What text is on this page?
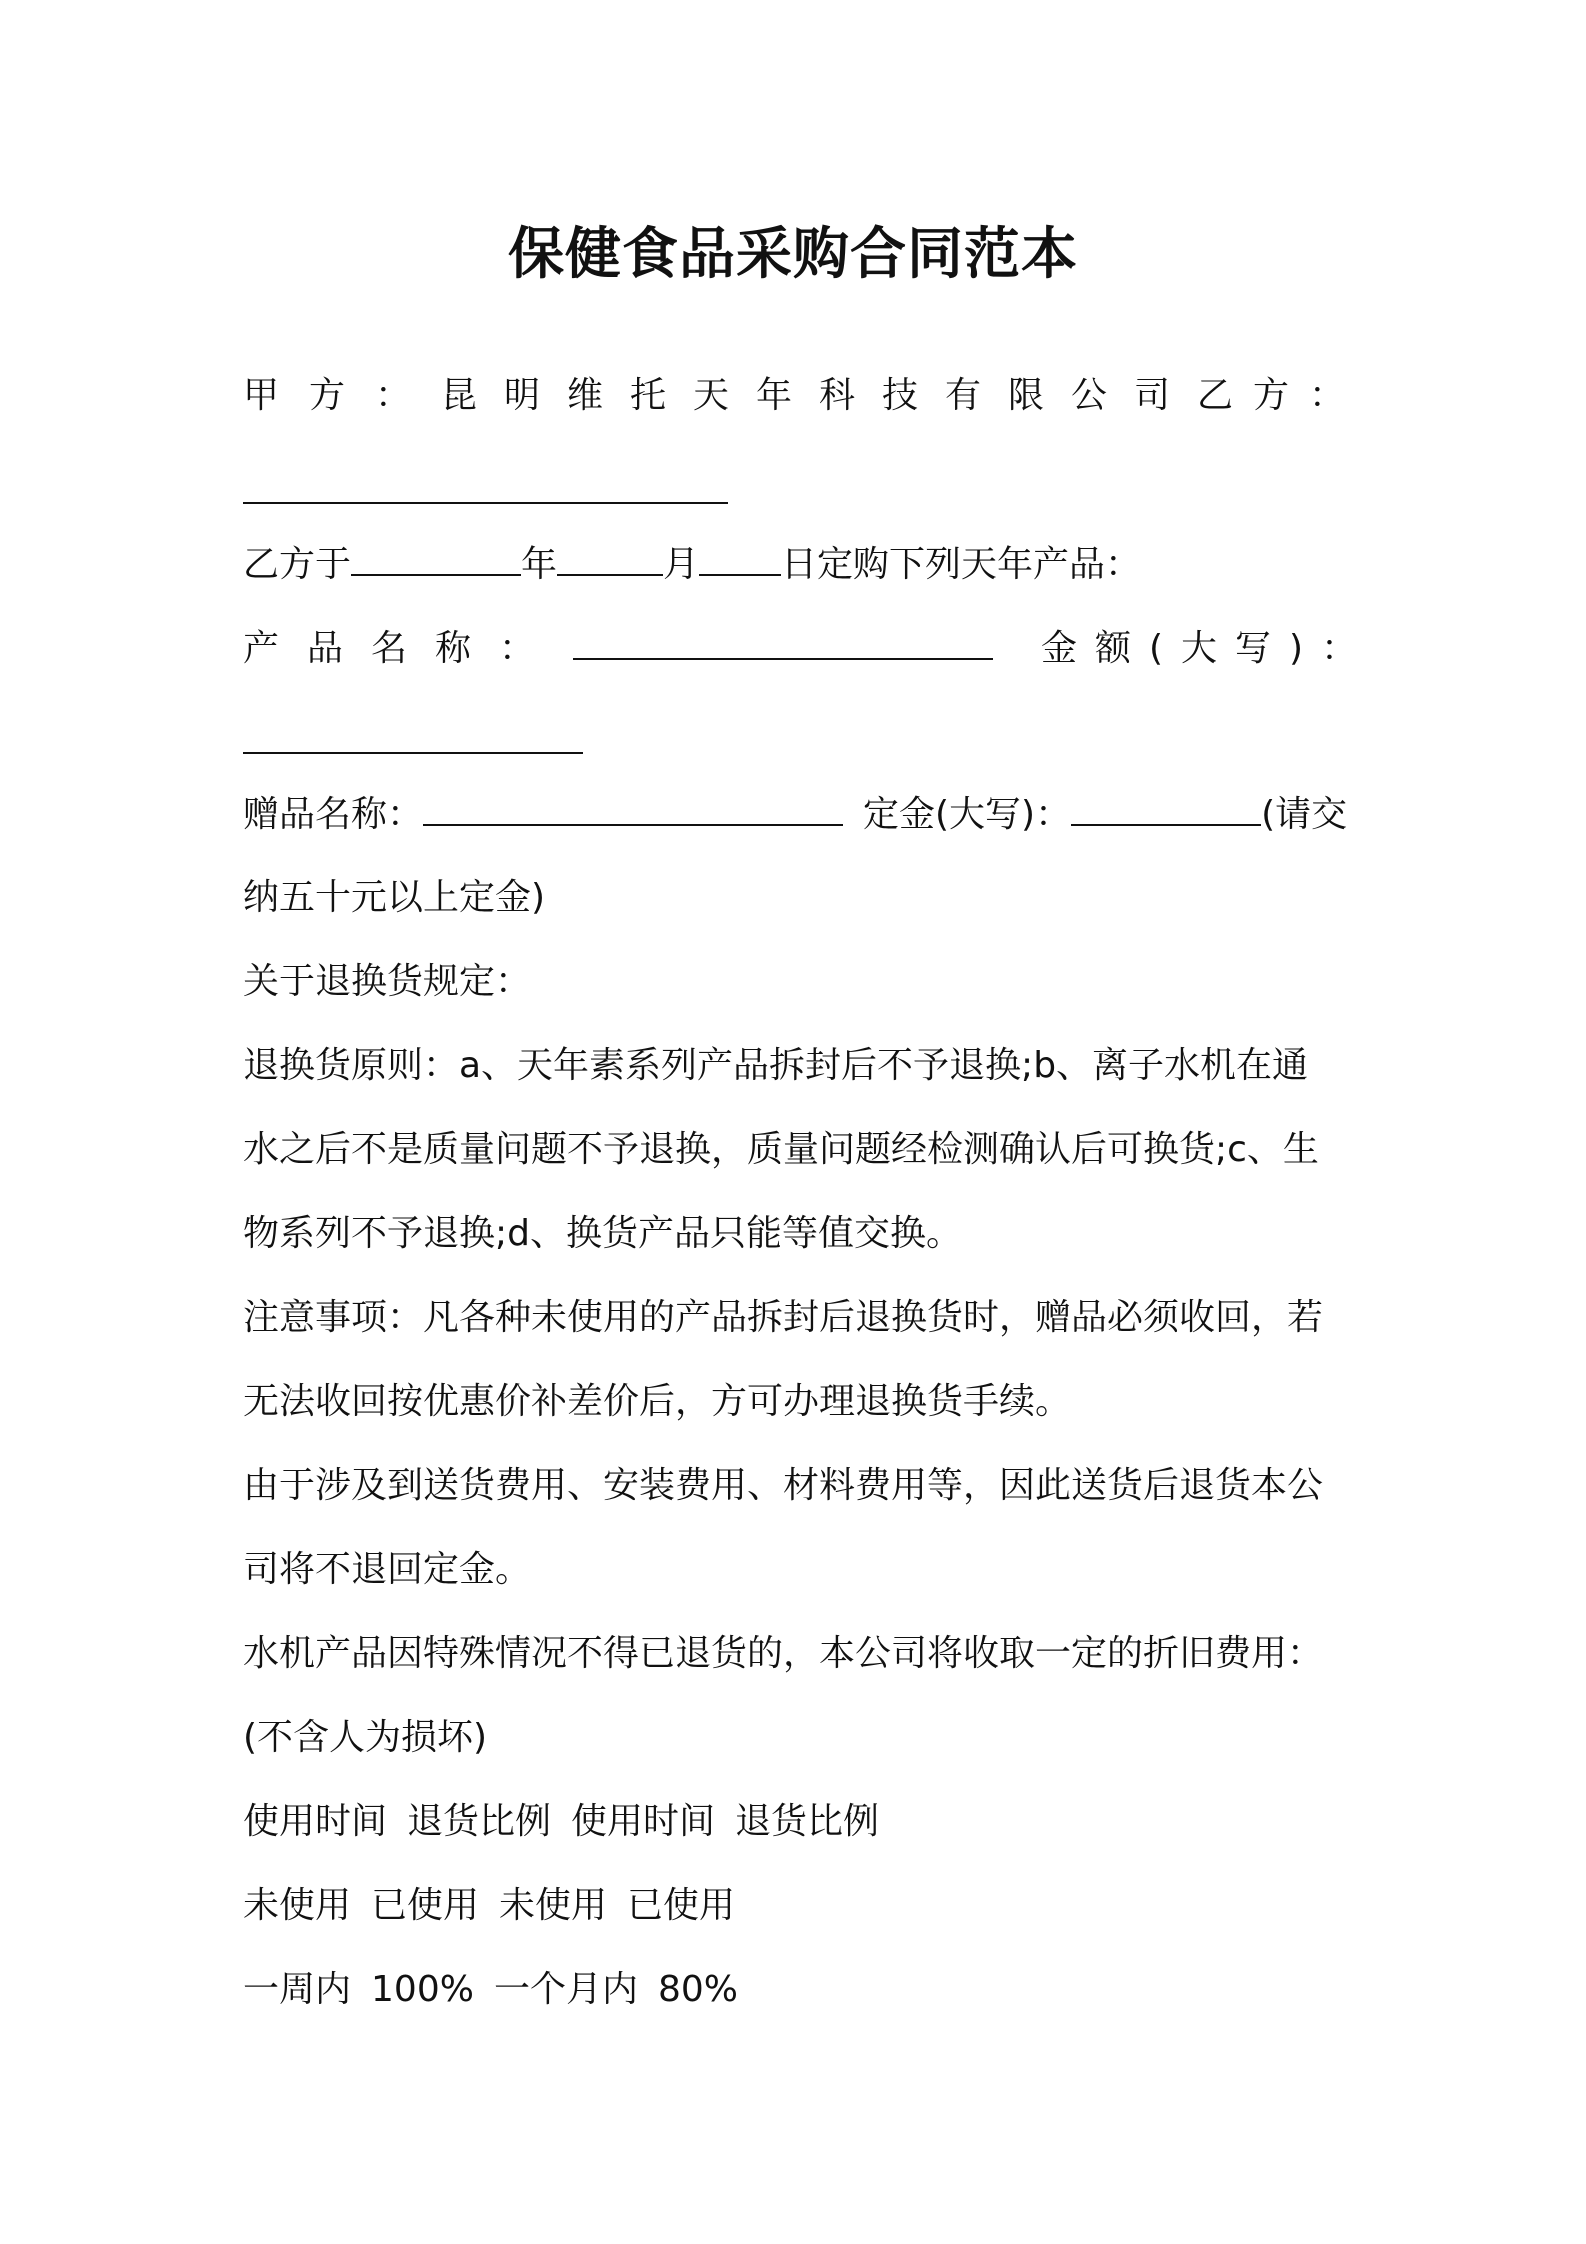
保健食品采购合同范本
甲方： 昆明维托天年科技有限公司 乙方：
乙方于	年	月 日定购下列天年产品：
产品名称：	金额(大写)：
赠品名称：	定金(大写)：	(请交
纳五十元以上定金)
关于退换货规定：
退换货原则：a、天年素系列产品拆封后不予退换;b、离子水机在通
水之后不是质量问题不予退换，质量问题经检测确认后可换货;c、生
物系列不予退换;d、换货产品只能等值交换。
注意事项：凡各种未使用的产品拆封后退换货时，赠品必须收回，若
无法收回按优惠价补差价后，方可办理退换货手续。
由于涉及到送货费用、安装费用、材料费用等，因此送货后退货本公
司将不退回定金。
水机产品因特殊情况不得已退货的，本公司将收取一定的折旧费用：
(不含人为损坏)
使用时间 退货比例 使用时间 退货比例
未使用 已使用 未使用 已使用
一周内 100% 一个月内 80%
